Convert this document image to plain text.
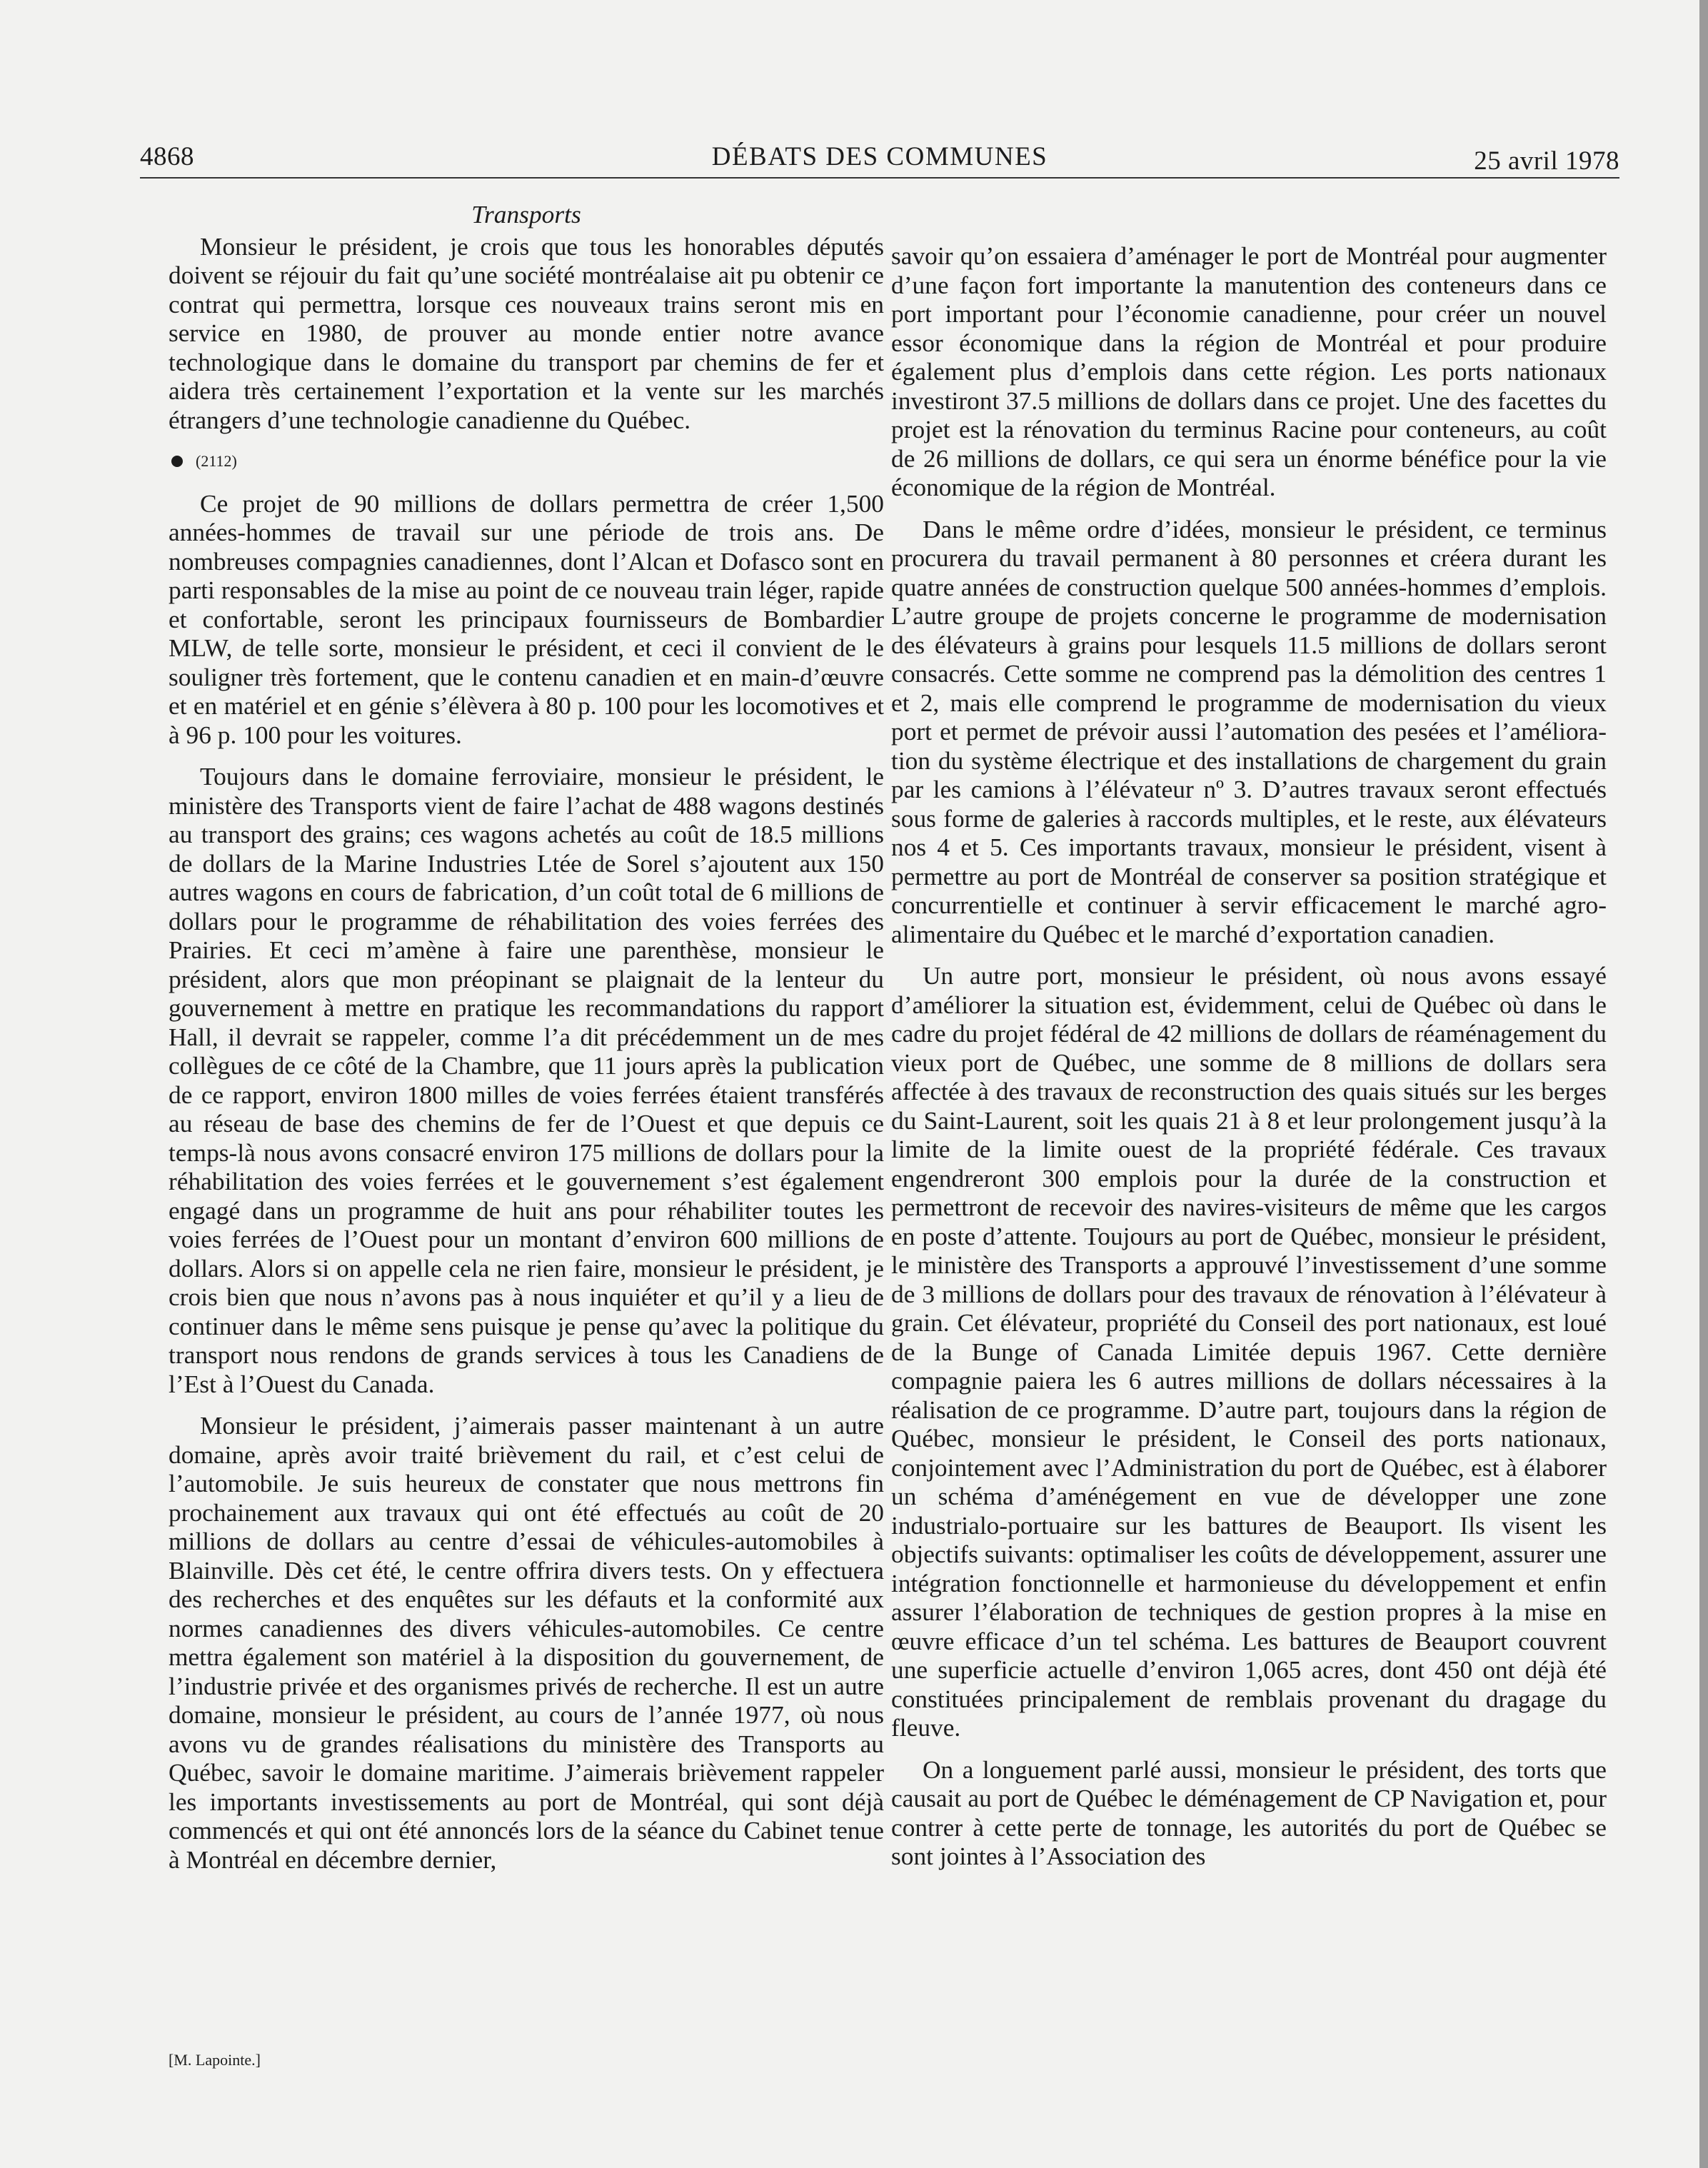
4868	DÉBATS DES COMMUNES	25 avril 1978
Transports

Monsieur le président, je crois que tous les honorables députés doivent se réjouir du fait qu’une société montréalaise ait pu obtenir ce contrat qui permettra, lorsque ces nouveaux trains seront mis en service en 1980, de prouver au monde entier notre avance technologique dans le domaine du transport par chemins de fer et aidera très certainement l’exportation et la vente sur les marchés étrangers d’une technologie canadienne du Québec.

(2112)

Ce projet de 90 millions de dollars permettra de créer 1,500 années-hommes de travail sur une période de trois ans. De nombreuses compagnies canadiennes, dont l’Alcan et Dofasco sont en parti responsables de la mise au point de ce nouveau train léger, rapide et confortable, seront les principaux fournisseurs de Bombardier MLW, de telle sorte, monsieur le président, et ceci il convient de le souligner très fortement, que le contenu canadien et en main-d’œuvre et en matériel et en génie s’élèvera à 80 p. 100 pour les locomotives et à 96 p. 100 pour les voitures.

Toujours dans le domaine ferroviaire, monsieur le président, le ministère des Transports vient de faire l’achat de 488 wagons destinés au transport des grains; ces wagons achetés au coût de 18.5 millions de dollars de la Marine Industries Ltée de Sorel s’ajoutent aux 150 autres wagons en cours de fabrication, d’un coût total de 6 millions de dollars pour le programme de réhabilitation des voies ferrées des Prairies. Et ceci m’amène à faire une parenthèse, monsieur le président, alors que mon préopinant se plaignait de la lenteur du gouvernement à mettre en pratique les recommandations du rapport Hall, il devrait se rappeler, comme l’a dit précédemment un de mes collègues de ce côté de la Chambre, que 11 jours après la publication de ce rapport, environ 1800 milles de voies ferrées étaient transférés au réseau de base des chemins de fer de l’Ouest et que depuis ce temps-là nous avons consacré environ 175 millions de dollars pour la réhabilitation des voies ferrées et le gouvernement s’est également engagé dans un programme de huit ans pour réhabiliter toutes les voies ferrées de l’Ouest pour un montant d’environ 600 millions de dollars. Alors si on appelle cela ne rien faire, monsieur le président, je crois bien que nous n’avons pas à nous inquiéter et qu’il y a lieu de continuer dans le même sens puisque je pense qu’avec la politique du transport nous rendons de grands services à tous les Canadiens de l’Est à l’Ouest du Canada.

Monsieur le président, j’aimerais passer maintenant à un autre domaine, après avoir traité brièvement du rail, et c’est celui de l’automobile. Je suis heureux de constater que nous mettrons fin prochainement aux travaux qui ont été effectués au coût de 20 millions de dollars au centre d’essai de véhicules-automobiles à Blainville. Dès cet été, le centre offrira divers tests. On y effectuera des recherches et des enquêtes sur les défauts et la conformité aux normes canadiennes des divers véhicules-automobiles. Ce centre mettra également son matériel à la disposition du gouvernement, de l’industrie privée et des organismes privés de recherche. Il est un autre domaine, monsieur le président, au cours de l’année 1977, où nous avons vu de grandes réalisations du ministère des Transports au Québec, savoir le domaine maritime. J’aimerais brièvement rappeler les importants investissements au port de Montréal, qui sont déjà commencés et qui ont été annoncés lors de la séance du Cabinet tenue à Montréal en décembre dernier,

[M. Lapointe.]

savoir qu’on essaiera d’aménager le port de Montréal pour augmenter d’une façon fort importante la manutention des conteneurs dans ce port important pour l’économie canadienne, pour créer un nouvel essor économique dans la région de Montréal et pour produire également plus d’emplois dans cette région. Les ports nationaux investiront 37.5 millions de dollars dans ce projet. Une des facettes du projet est la rénovation du terminus Racine pour conteneurs, au coût de 26 millions de dollars, ce qui sera un énorme bénéfice pour la vie économique de la région de Montréal.

Dans le même ordre d’idées, monsieur le président, ce terminus procurera du travail permanent à 80 personnes et créera durant les quatre années de construction quelque 500 années-hommes d’emplois. L’autre groupe de projets concerne le programme de modernisation des élévateurs à grains pour lesquels 11.5 millions de dollars seront consacrés. Cette somme ne comprend pas la démolition des centres 1 et 2, mais elle comprend le programme de modernisation du vieux port et permet de prévoir aussi l’automation des pesées et l’amélioration du système électrique et des installations de chargement du grain par les camions à l’élévateur nº 3. D’autres travaux seront effectués sous forme de galeries à raccords multiples, et le reste, aux élévateurs nos 4 et 5. Ces importants travaux, monsieur le président, visent à permettre au port de Montréal de conserver sa position stratégique et concurrentielle et continuer à servir efficacement le marché agro-alimentaire du Québec et le marché d’exportation canadien.

Un autre port, monsieur le président, où nous avons essayé d’améliorer la situation est, évidemment, celui de Québec où dans le cadre du projet fédéral de 42 millions de dollars de réaménagement du vieux port de Québec, une somme de 8 millions de dollars sera affectée à des travaux de reconstruction des quais situés sur les berges du Saint-Laurent, soit les quais 21 à 8 et leur prolongement jusqu’à la limite de la limite ouest de la propriété fédérale. Ces travaux engendreront 300 emplois pour la durée de la construction et permettront de recevoir des navires-visiteurs de même que les cargos en poste d’attente. Toujours au port de Québec, monsieur le président, le ministère des Transports a approuvé l’investissement d’une somme de 3 millions de dollars pour des travaux de rénovation à l’élévateur à grain. Cet élévateur, propriété du Conseil des port nationaux, est loué de la Bunge of Canada Limitée depuis 1967. Cette dernière compagnie paiera les 6 autres millions de dollars nécessaires à la réalisation de ce programme. D’autre part, toujours dans la région de Québec, monsieur le président, le Conseil des ports nationaux, conjointement avec l’Administration du port de Québec, est à élaborer un schéma d’aménégement en vue de développer une zone industrialo-portuaire sur les battures de Beauport. Ils visent les objectifs suivants: optimaliser les coûts de développement, assurer une intégration fonctionnelle et harmonieuse du développement et enfin assurer l’élaboration de techniques de gestion propres à la mise en œuvre efficace d’un tel schéma. Les battures de Beauport couvrent une superficie actuelle d’environ 1,065 acres, dont 450 ont déjà été constituées principalement de remblais provenant du dragage du fleuve.

On a longuement parlé aussi, monsieur le président, des torts que causait au port de Québec le déménagement de CP Navigation et, pour contrer à cette perte de tonnage, les autorités du port de Québec se sont jointes à l’Association des
